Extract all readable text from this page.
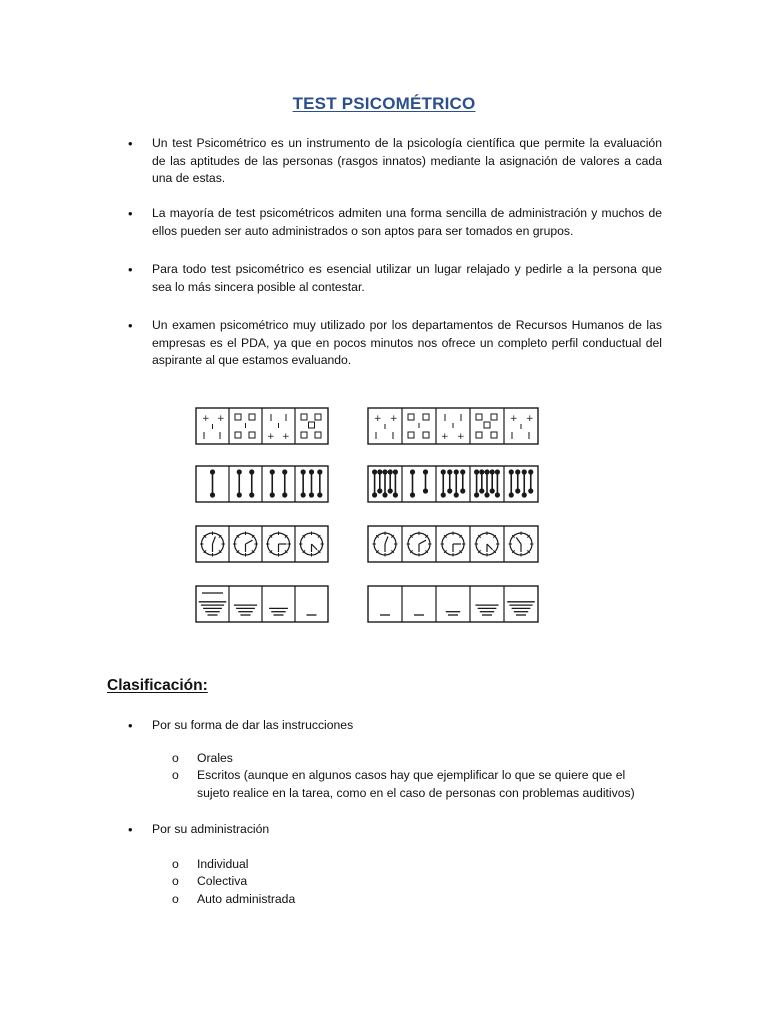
TEST PSICOMÉTRICO
• Un test Psicométrico es un instrumento de la psicología científica que permite la evaluación de las aptitudes de las personas (rasgos innatos) mediante la asignación de valores a cada una de estas.
• La mayoría de test psicométricos admiten una forma sencilla de administración y muchos de ellos pueden ser auto administrados o son aptos para ser tomados en grupos.
• Para todo test psicométrico es esencial utilizar un lugar relajado y pedirle a la persona que sea lo más sincera posible al contestar.
• Un examen psicométrico muy utilizado por los departamentos de Recursos Humanos de las empresas es el PDA, ya que en pocos minutos nos ofrece un completo perfil conductual del aspirante al que estamos evaluando.
+ +
+ +
+ +
+ +
+ +
Clasificación:
• Por su forma de dar las instrucciones
o Orales
o Escritos (aunque en algunos casos hay que ejemplificar lo que se quiere que el sujeto realice en la tarea, como en el caso de personas con problemas auditivos)
• Por su administración
o Individual
o Colectiva
o Auto administrada
